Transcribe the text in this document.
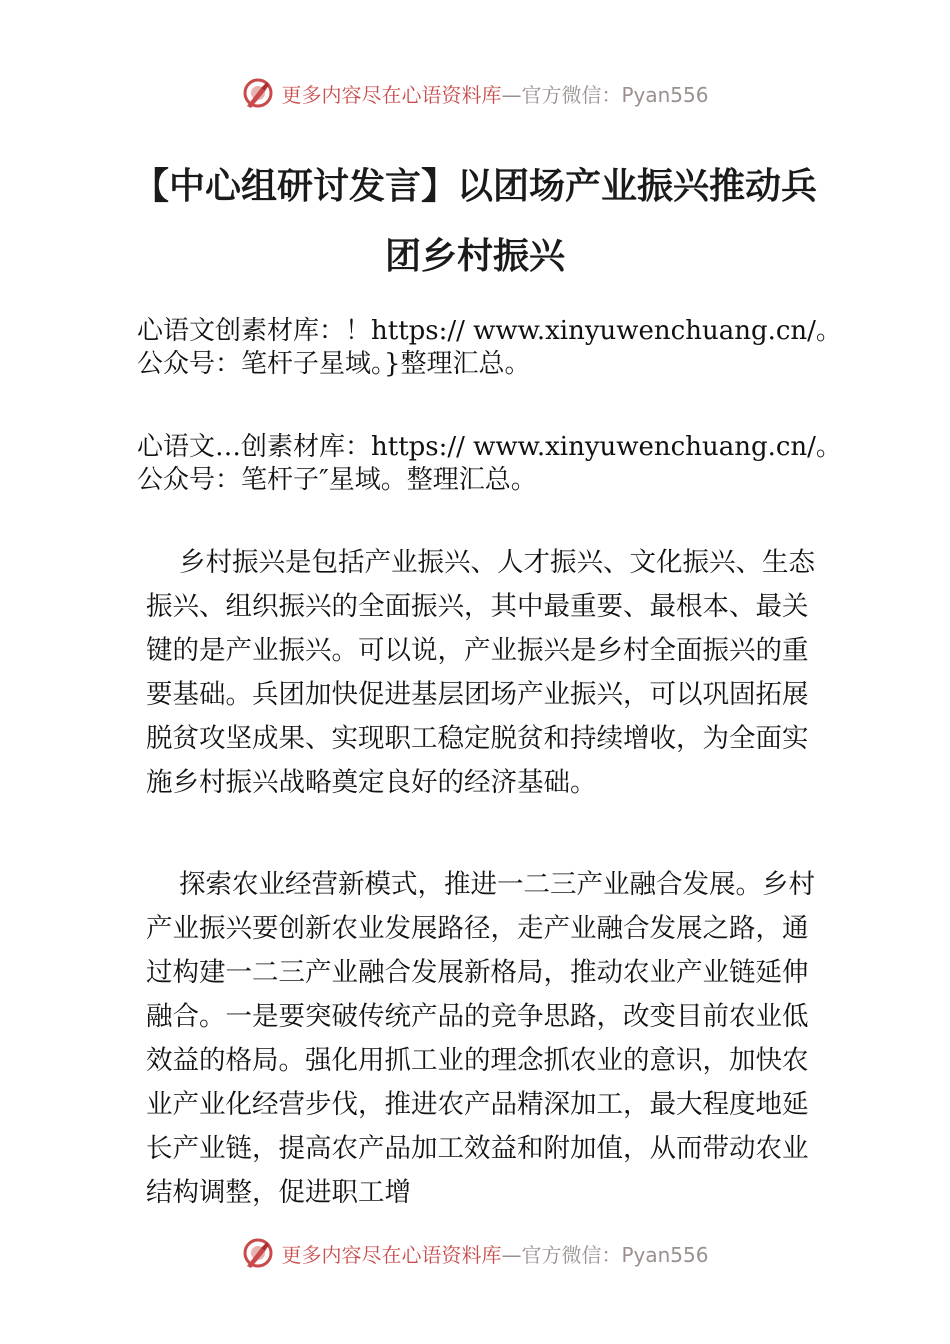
更多内容尽在心语资料库 —官方微信：Pyan556
【中心组研讨发言】以团场产业振兴推动兵
团乡村振兴

心语文创素材库：！https:// www.xinyuwenchuang.cn/。公众号：笔杆子星域。}整理汇总。

心语文…创素材库：https:// www.xinyuwenchuang.cn/。公众号：笔杆子″星域。整理汇总。

乡村振兴是包括产业振兴、人才振兴、文化振兴、生态振兴、组织振兴的全面振兴，其中最重要、最根本、最关键的是产业振兴。可以说，产业振兴是乡村全面振兴的重要基础。兵团加快促进基层团场产业振兴，可以巩固拓展脱贫攻坚成果、实现职工稳定脱贫和持续增收，为全面实施乡村振兴战略奠定良好的经济基础。

探索农业经营新模式，推进一二三产业融合发展。乡村产业振兴要创新农业发展路径，走产业融合发展之路，通过构建一二三产业融合发展新格局，推动农业产业链延伸融合。一是要突破传统产品的竞争思路，改变目前农业低效益的格局。强化用抓工业的理念抓农业的意识，加快农业产业化经营步伐，推进农产品精深加工，最大程度地延长产业链，提高农产品加工效益和附加值，从而带动农业结构调整，促进职工增

更多内容尽在心语资料库 —官方微信：Pyan556
